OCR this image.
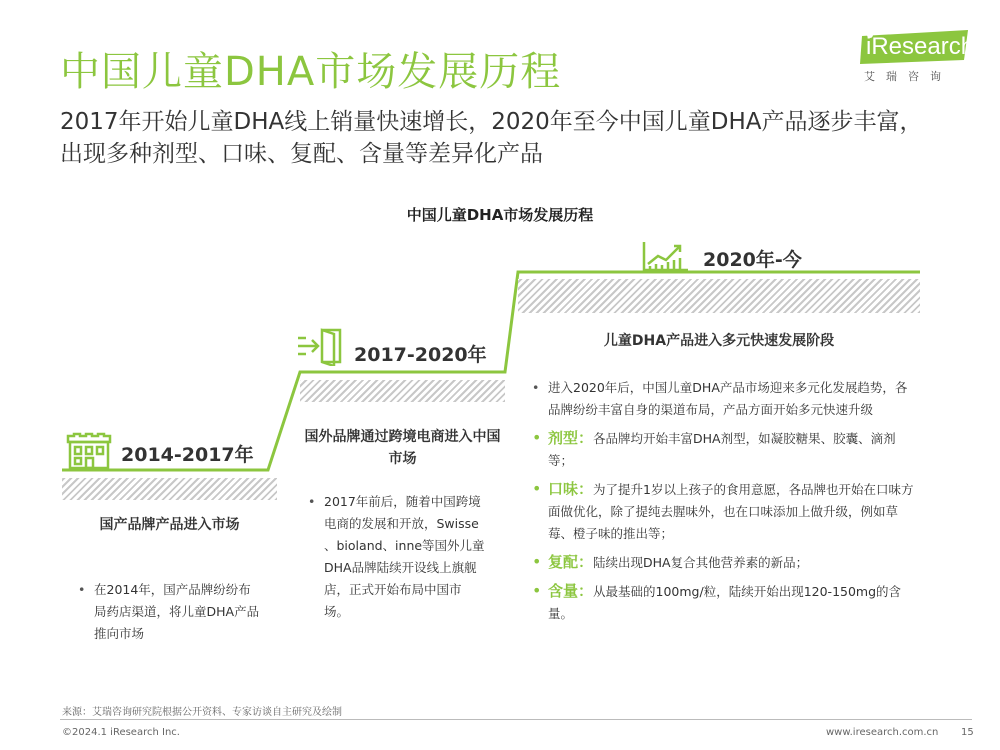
中国儿童DHA市场发展历程
2017年开始儿童DHA线上销量快速增长，2020年至今中国儿童DHA产品逐步丰富，出现多种剂型、口味、复配、含量等差异化产品
iResearch
艾瑞咨询
中国儿童DHA市场发展历程
2014-2017年
国产品牌产品进入市场
• 在2014年，国产品牌纷纷布局药店渠道，将儿童DHA产品推向市场
2017-2020年
国外品牌通过跨境电商进入中国市场
• 2017年前后，随着中国跨境电商的发展和开放，Swisse 、bioland、inne等国外儿童DHA品牌陆续开设线上旗舰店，正式开始布局中国市场。
2020年-今
儿童DHA产品进入多元快速发展阶段
• 进入2020年后，中国儿童DHA产品市场迎来多元化发展趋势，各品牌纷纷丰富自身的渠道布局，产品方面开始多元快速升级
• 剂型：各品牌均开始丰富DHA剂型，如凝胶糖果、胶囊、滴剂等；
• 口味：为了提升1岁以上孩子的食用意愿，各品牌也开始在口味方面做优化，除了提纯去腥味外，也在口味添加上做升级，例如草莓、橙子味的推出等；
• 复配：陆续出现DHA复合其他营养素的新品；
• 含量：从最基础的100mg/粒，陆续开始出现120-150mg的含量。
来源：艾瑞咨询研究院根据公开资料、专家访谈自主研究及绘制
©2024.1 iResearch Inc.	www.iresearch.com.cn 15
